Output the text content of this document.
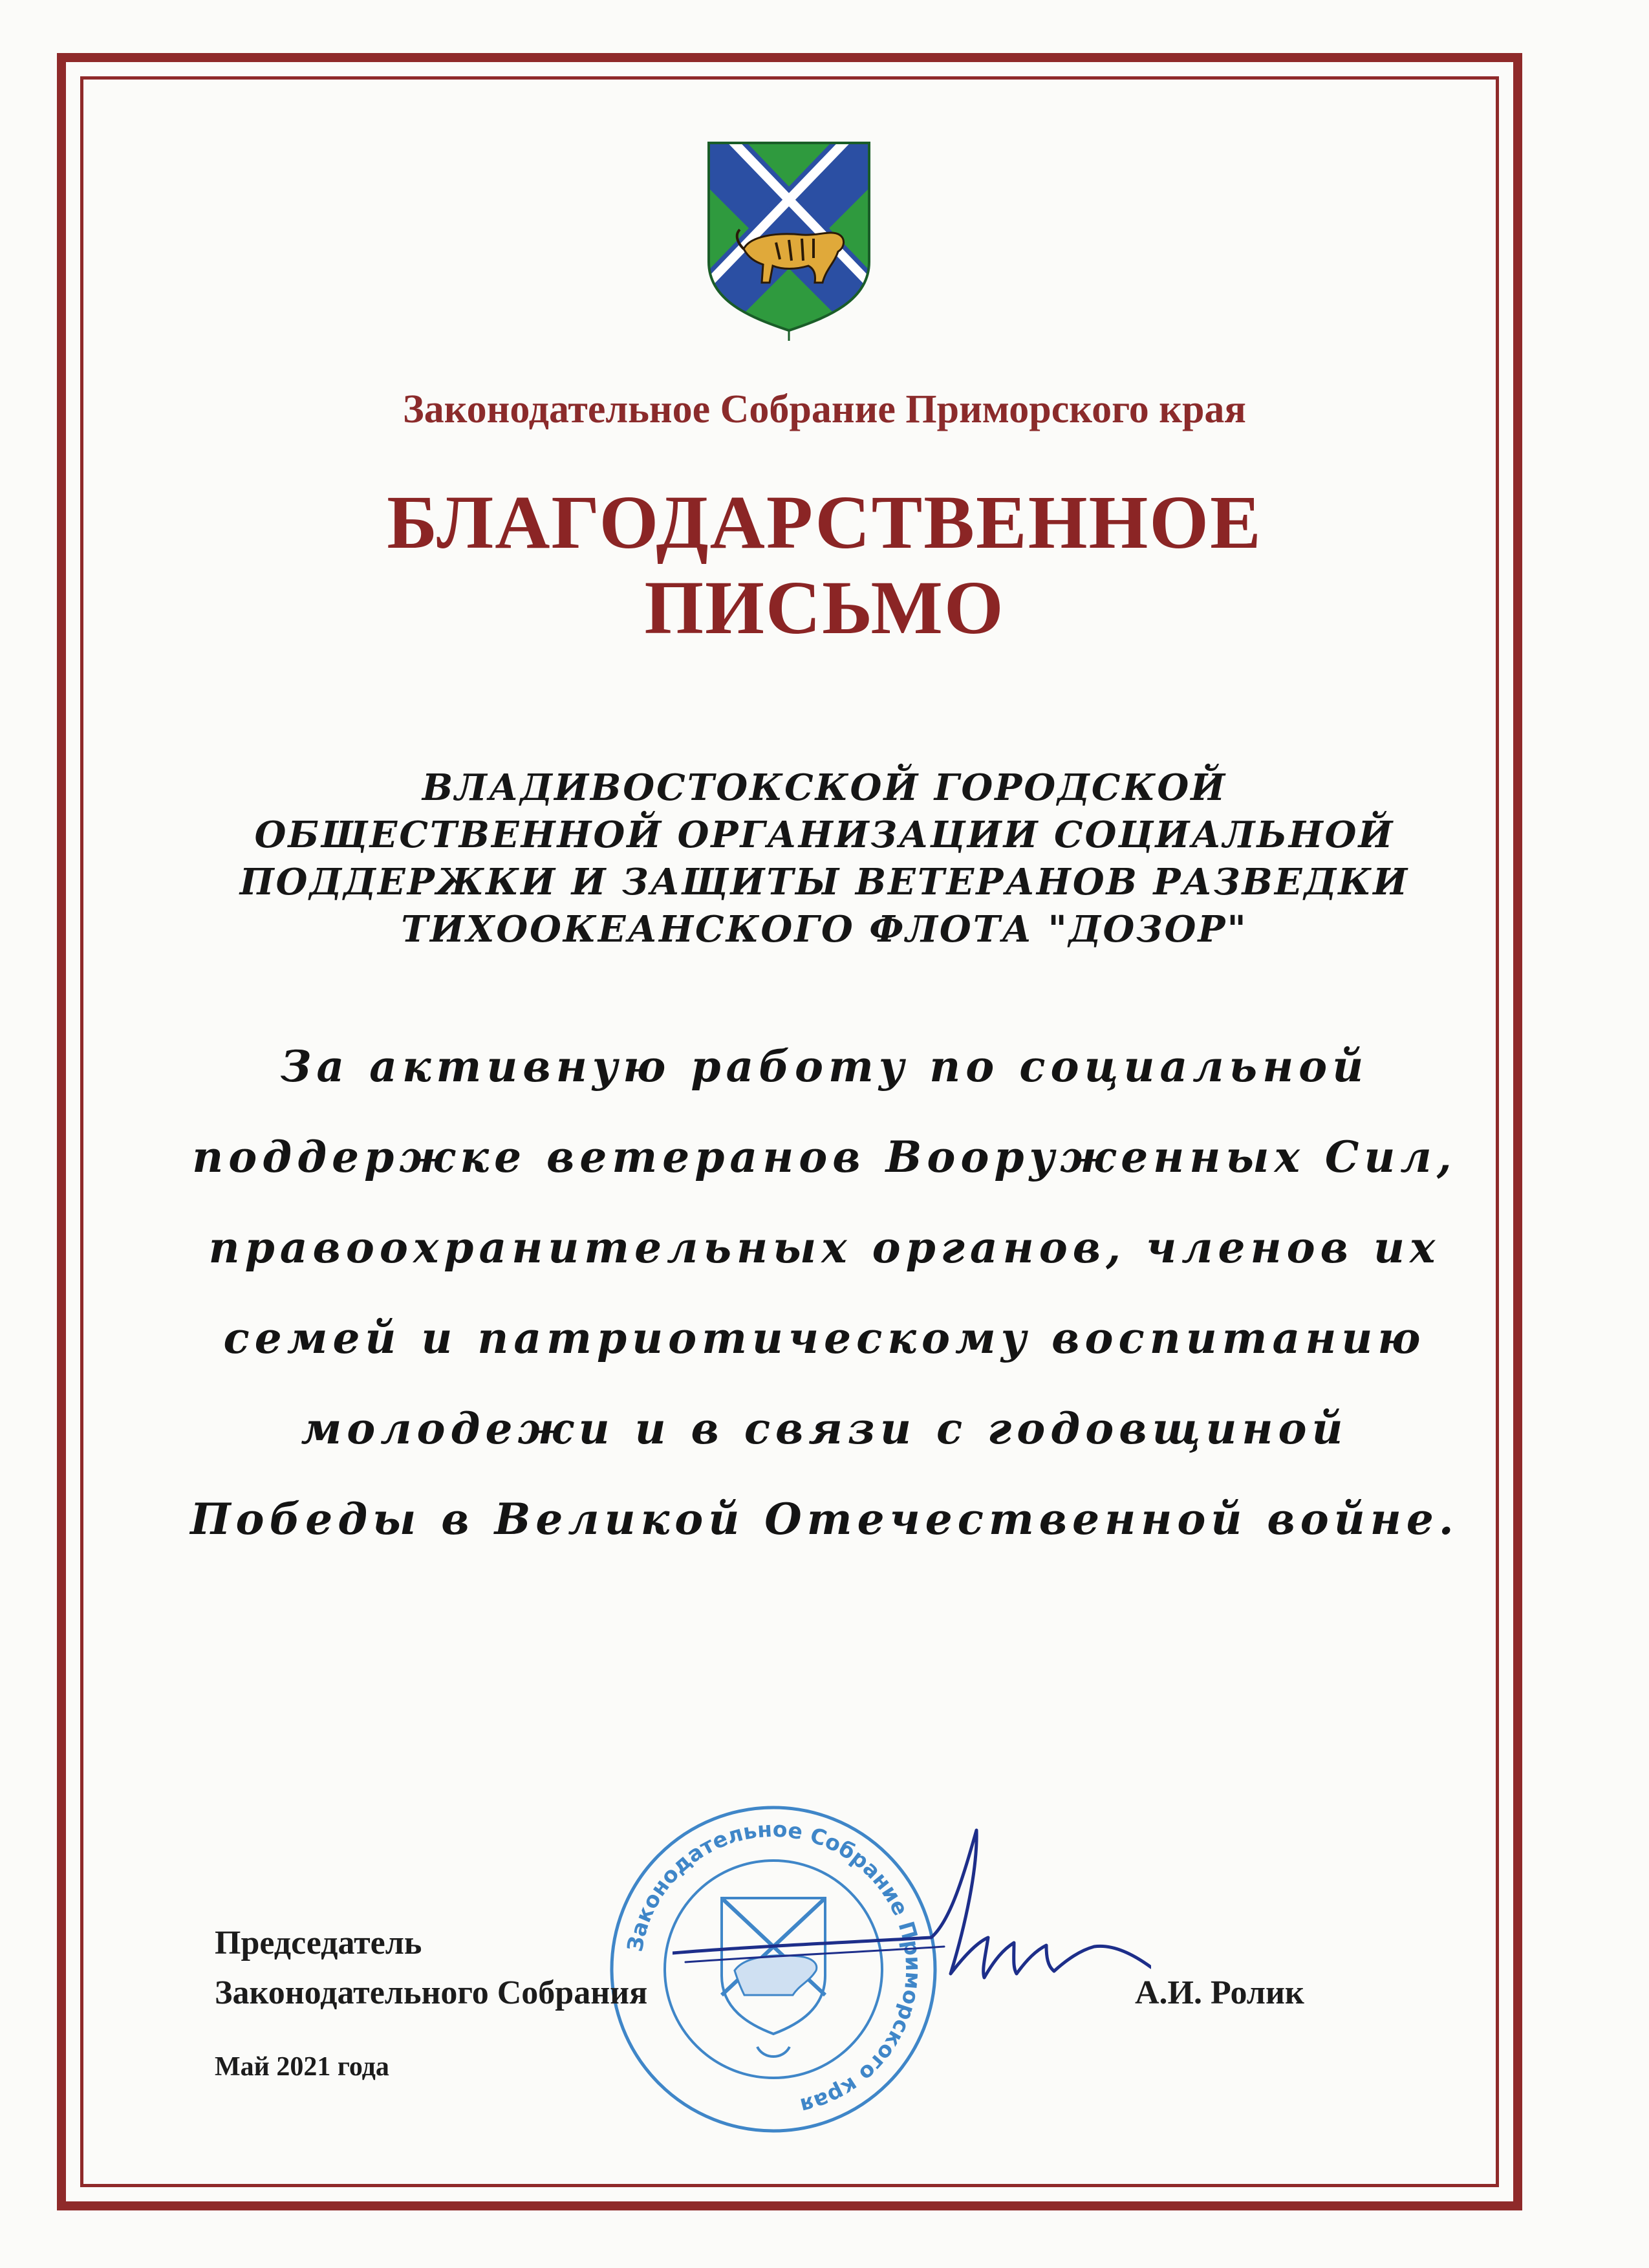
Законодательное Собрание Приморского края
БЛАГОДАРСТВЕННОЕ
ПИСЬМО
ВЛАДИВОСТОКСКОЙ ГОРОДСКОЙ
ОБЩЕСТВЕННОЙ ОРГАНИЗАЦИИ СОЦИАЛЬНОЙ
ПОДДЕРЖКИ И ЗАЩИТЫ ВЕТЕРАНОВ РАЗВЕДКИ
ТИХООКЕАНСКОГО ФЛОТА "ДОЗОР"
За активную работу по социальной
поддержке ветеранов Вооруженных Сил,
правоохранительных органов, членов их
семей и патриотическому воспитанию
молодежи и в связи с годовщиной
Победы в Великой Отечественной войне.
Законодательное Собрание Приморского края
Председатель
Законодательного Собрания	А.И. Ролик
Май 2021 года
